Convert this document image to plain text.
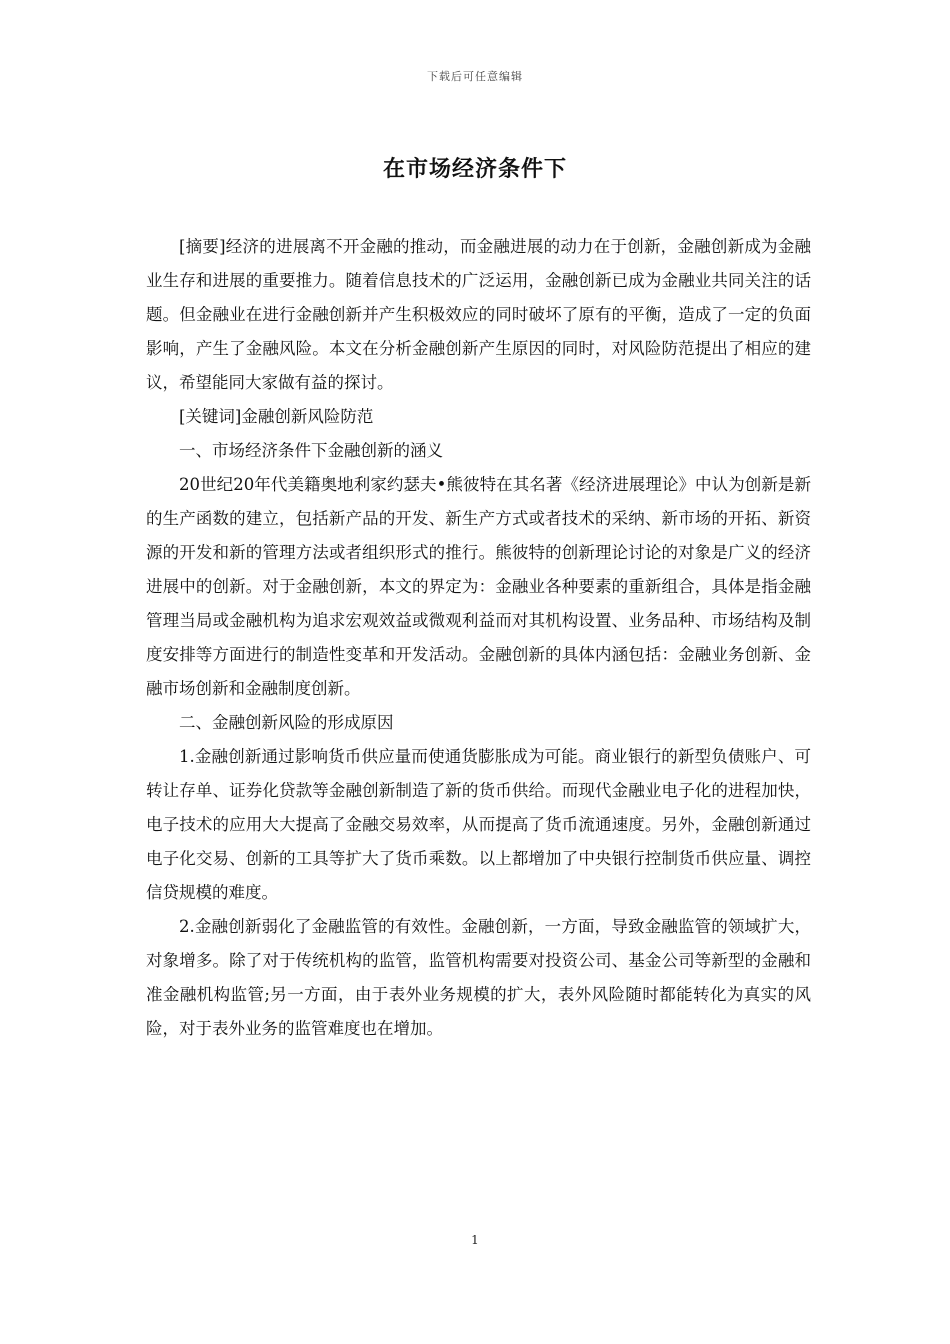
下载后可任意编辑
在市场经济条件下

[摘要]经济的进展离不开金融的推动，而金融进展的动力在于创新，金融创新成为金融业生存和进展的重要推力。随着信息技术的广泛运用，金融创新已成为金融业共同关注的话题。但金融业在进行金融创新并产生积极效应的同时破坏了原有的平衡，造成了一定的负面影响，产生了金融风险。本文在分析金融创新产生原因的同时，对风险防范提出了相应的建议，希望能同大家做有益的探讨。

[关键词]金融创新风险防范

一、市场经济条件下金融创新的涵义

20世纪20年代美籍奥地利家约瑟夫•熊彼特在其名著《经济进展理论》中认为创新是新的生产函数的建立，包括新产品的开发、新生产方式或者技术的采纳、新市场的开拓、新资源的开发和新的管理方法或者组织形式的推行。熊彼特的创新理论讨论的对象是广义的经济进展中的创新。对于金融创新，本文的界定为：金融业各种要素的重新组合，具体是指金融管理当局或金融机构为追求宏观效益或微观利益而对其机构设置、业务品种、市场结构及制度安排等方面进行的制造性变革和开发活动。金融创新的具体内涵包括：金融业务创新、金融市场创新和金融制度创新。

二、金融创新风险的形成原因

1.金融创新通过影响货币供应量而使通货膨胀成为可能。商业银行的新型负债账户、可转让存单、证券化贷款等金融创新制造了新的货币供给。而现代金融业电子化的进程加快，电子技术的应用大大提高了金融交易效率，从而提高了货币流通速度。另外，金融创新通过电子化交易、创新的工具等扩大了货币乘数。以上都增加了中央银行控制货币供应量、调控信贷规模的难度。

2.金融创新弱化了金融监管的有效性。金融创新，一方面，导致金融监管的领域扩大，对象增多。除了对于传统机构的监管，监管机构需要对投资公司、基金公司等新型的金融和准金融机构监管;另一方面，由于表外业务规模的扩大，表外风险随时都能转化为真实的风险，对于表外业务的监管难度也在增加。

1
